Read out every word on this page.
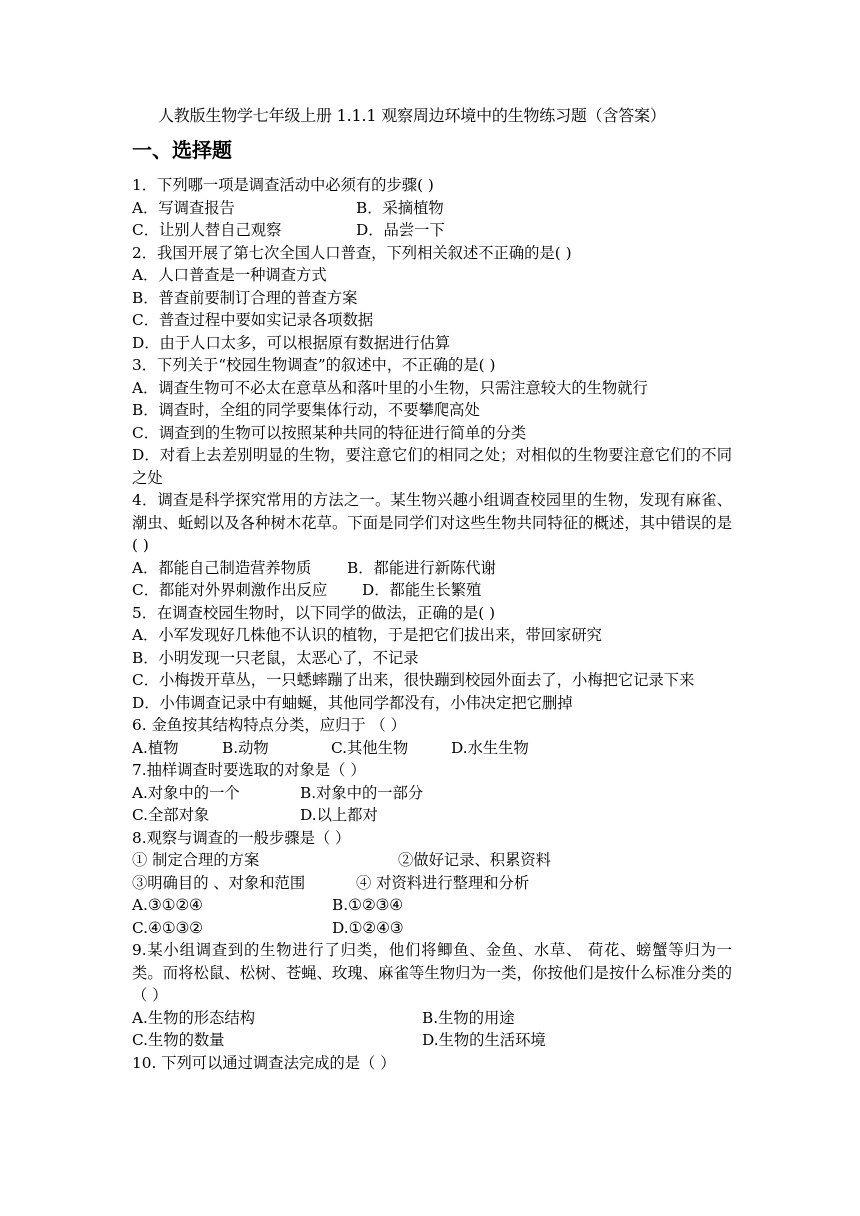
人教版生物学七年级上册 1.1.1 观察周边环境中的生物练习题（含答案）
一、选择题
1．下列哪一项是调查活动中必须有的步骤( )
A．写调查报告	B．采摘植物
C．让别人替自己观察	D．品尝一下
2．我国开展了第七次全国人口普查，下列相关叙述不正确的是( )
A．人口普查是一种调查方式
B．普查前要制订合理的普查方案
C．普查过程中要如实记录各项数据
D．由于人口太多，可以根据原有数据进行估算
3．下列关于“校园生物调查”的叙述中，不正确的是( )
A．调查生物可不必太在意草丛和落叶里的小生物，只需注意较大的生物就行
B．调查时，全组的同学要集体行动，不要攀爬高处
C．调查到的生物可以按照某种共同的特征进行简单的分类
D．对看上去差别明显的生物，要注意它们的相同之处；对相似的生物要注意它们的不同之处
4．调查是科学探究常用的方法之一。某生物兴趣小组调查校园里的生物，发现有麻雀、潮虫、蚯蚓以及各种树木花草。下面是同学们对这些生物共同特征的概述，其中错误的是( )
A．都能自己制造营养物质	B．都能进行新陈代谢
C．都能对外界刺激作出反应	D．都能生长繁殖
5．在调查校园生物时，以下同学的做法，正确的是( )
A．小军发现好几株他不认识的植物，于是把它们拔出来，带回家研究
B．小明发现一只老鼠，太恶心了，不记录
C．小梅拨开草丛，一只蟋蟀蹦了出来，很快蹦到校园外面去了，小梅把它记录下来
D．小伟调查记录中有蚰蜒，其他同学都没有，小伟决定把它删掉
6. 金鱼按其结构特点分类，应归于 （ ）
A.植物	B.动物	C.其他生物	D.水生生物
7.抽样调查时要选取的对象是（ ）
A.对象中的一个	B.对象中的一部分
C.全部对象	D.以上都对
8.观察与调查的一般步骤是（ ）
① 制定合理的方案	②做好记录、积累资料
③明确目的 、对象和范围	④ 对资料进行整理和分析
A.③①②④	B.①②③④
C.④①③②	D.①②④③
9.某小组调查到的生物进行了归类，他们将鲫鱼、金鱼、水草、 荷花、螃蟹等归为一类。而将松鼠、松树、苍蝇、玫瑰、麻雀等生物归为一类，你按他们是按什么标准分类的 （ ）
A.生物的形态结构	B.生物的用途
C.生物的数量	D.生物的生活环境
10. 下列可以通过调查法完成的是（ ）
